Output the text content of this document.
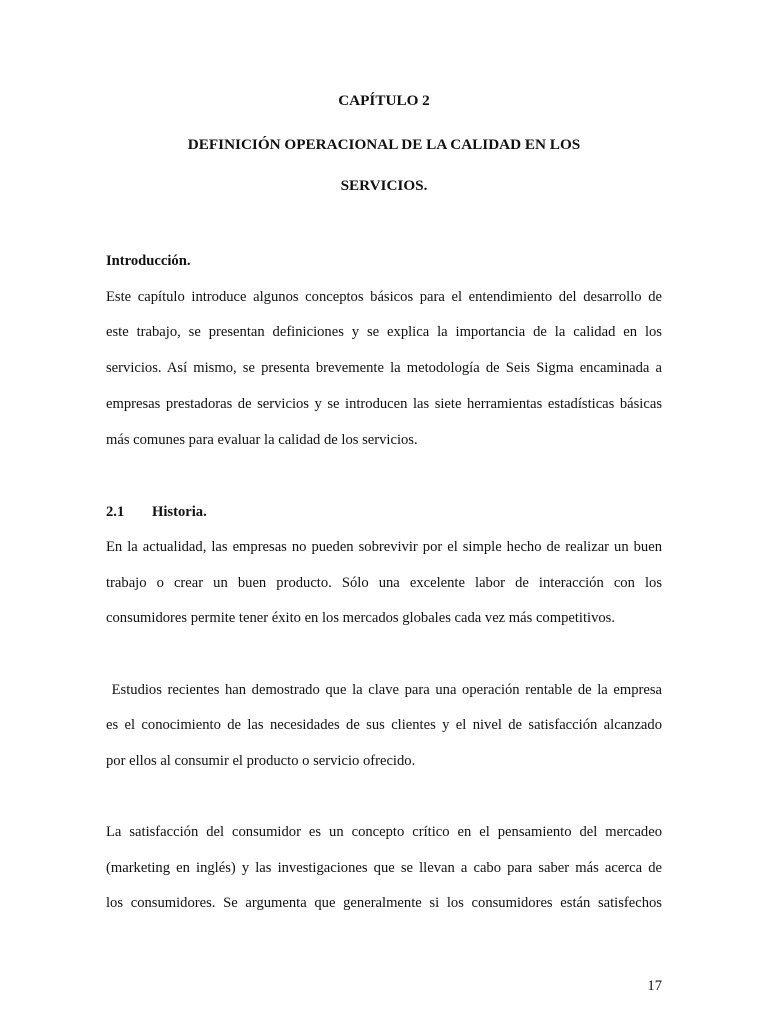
CAPÍTULO 2

DEFINICIÓN OPERACIONAL DE LA CALIDAD EN LOS

SERVICIOS.

Introducción.

Este capítulo introduce algunos conceptos básicos para el entendimiento del desarrollo de

este trabajo, se presentan definiciones y se explica la importancia de la calidad en los

servicios. Así mismo, se presenta brevemente la metodología de Seis Sigma encaminada a

empresas prestadoras de servicios y se introducen las siete herramientas estadísticas básicas

más comunes para evaluar la calidad de los servicios.

2.1 Historia.

En la actualidad, las empresas no pueden sobrevivir por el simple hecho de realizar un buen

trabajo o crear un buen producto. Sólo una excelente labor de interacción con los

consumidores permite tener éxito en los mercados globales cada vez más competitivos.

Estudios recientes han demostrado que la clave para una operación rentable de la empresa

es el conocimiento de las necesidades de sus clientes y el nivel de satisfacción alcanzado

por ellos al consumir el producto o servicio ofrecido.

La satisfacción del consumidor es un concepto crítico en el pensamiento del mercadeo

(marketing en inglés) y las investigaciones que se llevan a cabo para saber más acerca de

los consumidores. Se argumenta que generalmente si los consumidores están satisfechos

17
